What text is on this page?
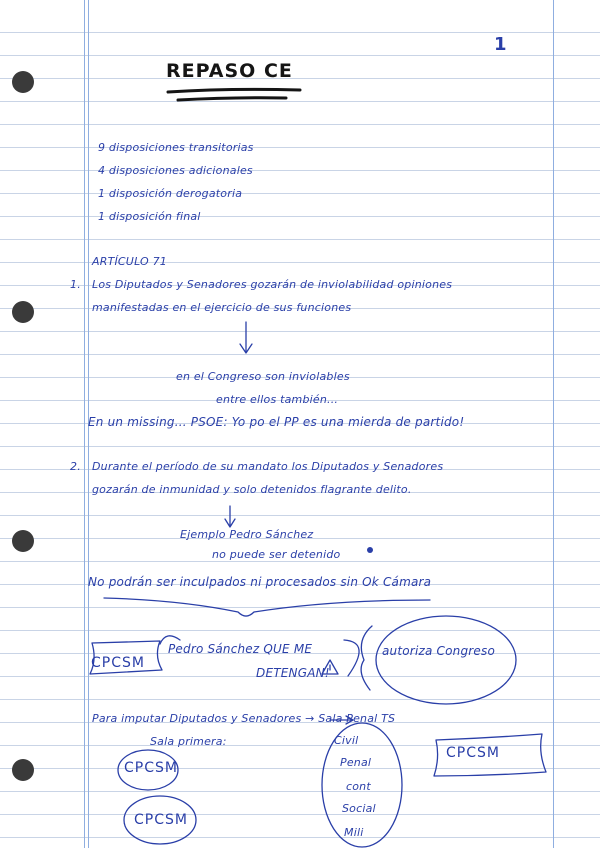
1
REPASO CE
9 disposiciones transitorias
4 disposiciones adicionales
1 disposición derogatoria
1 disposición final
ARTÍCULO 71
1. Los Diputados y Senadores gozarán de inviolabilidad opiniones
manifestadas en el ejercicio de sus funciones
en el Congreso son inviolables
entre ellos también...
En un missing... PSOE: Yo po el PP es una mierda de partido!
2. Durante el período de su mandato los Diputados y Senadores
gozarán de inmunidad y solo detenidos flagrante delito.
Ejemplo Pedro Sánchez
no puede ser detenido
No podrán ser inculpados ni procesados sin Ok Cámara
CPCSM
Pedro Sánchez QUE ME
DETENGAN!
autoriza Congreso
Para imputar Diputados y Senadores → Sala Penal TS
Sala primera:
CPCSM
CPCSM
CPCSM
Civil
Penal
cont
Social
Mili
